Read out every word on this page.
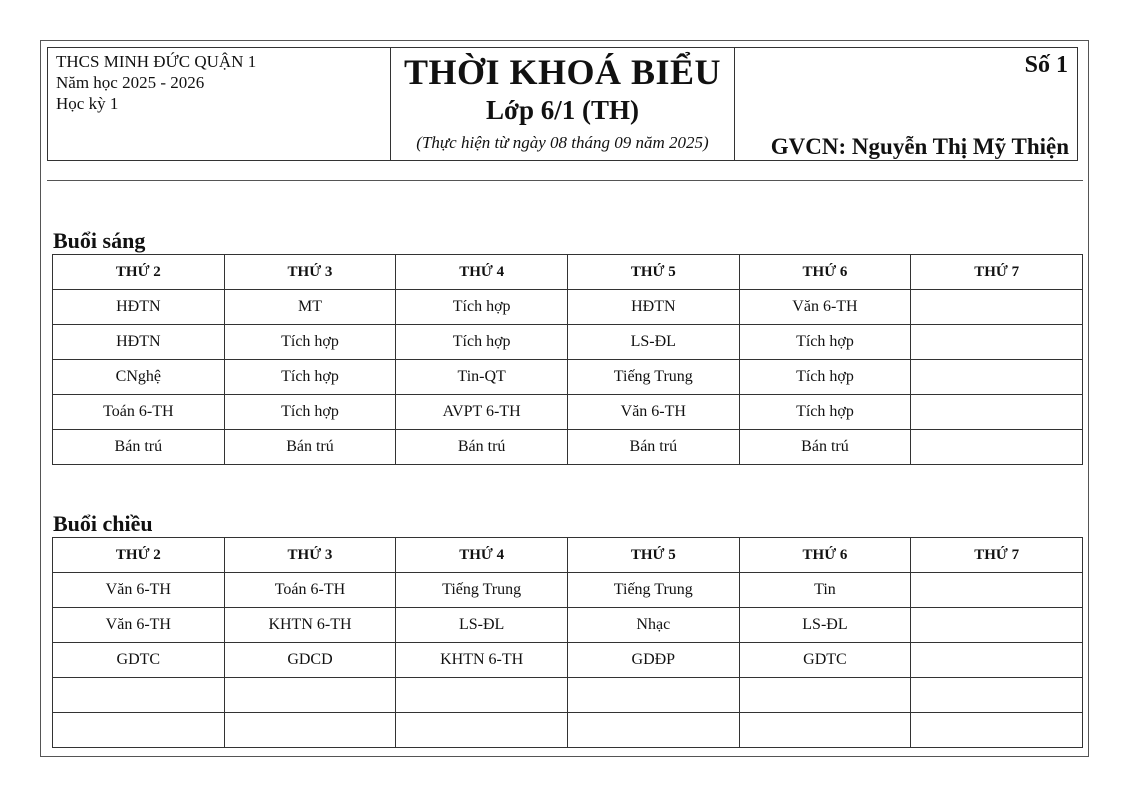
THCS MINH ĐỨC QUẬN 1
Năm học 2025 - 2026
Học kỳ 1
THỜI KHOÁ BIỂU
Lớp 6/1 (TH)
(Thực hiện từ ngày 08 tháng 09 năm 2025)
Số 1
GVCN: Nguyễn Thị Mỹ Thiện
Buổi sáng
THỨ 2	THỨ 3	THỨ 4	THỨ 5	THỨ 6	THỨ 7
HĐTN	MT	Tích hợp	HĐTN	Văn 6-TH	
HĐTN	Tích hợp	Tích hợp	LS-ĐL	Tích hợp	
CNghệ	Tích hợp	Tin-QT	Tiếng Trung	Tích hợp	
Toán 6-TH	Tích hợp	AVPT 6-TH	Văn 6-TH	Tích hợp	
Bán trú	Bán trú	Bán trú	Bán trú	Bán trú	
Buổi chiều
THỨ 2	THỨ 3	THỨ 4	THỨ 5	THỨ 6	THỨ 7
Văn 6-TH	Toán 6-TH	Tiếng Trung	Tiếng Trung	Tin	
Văn 6-TH	KHTN 6-TH	LS-ĐL	Nhạc	LS-ĐL	
GDTC	GDCD	KHTN 6-TH	GDĐP	GDTC	
